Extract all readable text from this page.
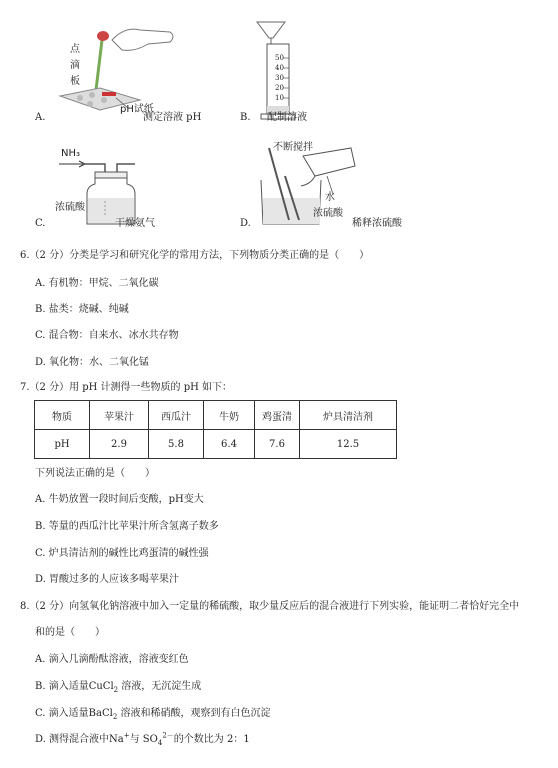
点
滴
板
pH试纸
A.	测定溶液 pH
50
40
30
20
10
B. 配制溶液
NH₃
浓硫酸
C.	干燥氨气
不断搅拌
水
浓硫酸
D.	稀释浓硫酸
6.（2 分）分类是学习和研究化学的常用方法，下列物质分类正确的是（　　）
A. 有机物：甲烷、二氧化碳
B. 盐类：烧碱、纯碱
C. 混合物：自来水、冰水共存物
D. 氧化物：水、二氧化锰
7.（2 分）用 pH 计测得一些物质的 pH 如下：
物质	苹果汁	西瓜汁	牛奶	鸡蛋清	炉具清洁剂
pH	2.9	5.8	6.4	7.6	12.5
下列说法正确的是（　　）
A. 牛奶放置一段时间后变酸，pH变大
B. 等量的西瓜汁比苹果汁所含氢离子数多
C. 炉具清洁剂的碱性比鸡蛋清的碱性强
D. 胃酸过多的人应该多喝苹果汁
8.（2 分）向氢氧化钠溶液中加入一定量的稀硫酸，取少量反应后的混合液进行下列实验，能证明二者恰好完全中
和的是（　　）
A. 滴入几滴酚酞溶液，溶液变红色
B. 滴入适量CuCl$_2$ 溶液，无沉淀生成
C. 滴入适量BaCl$_2$ 溶液和稀硝酸，观察到有白色沉淀
D. 测得混合液中Na+与 $SO_4^{2-}$的个数比为 2：1
